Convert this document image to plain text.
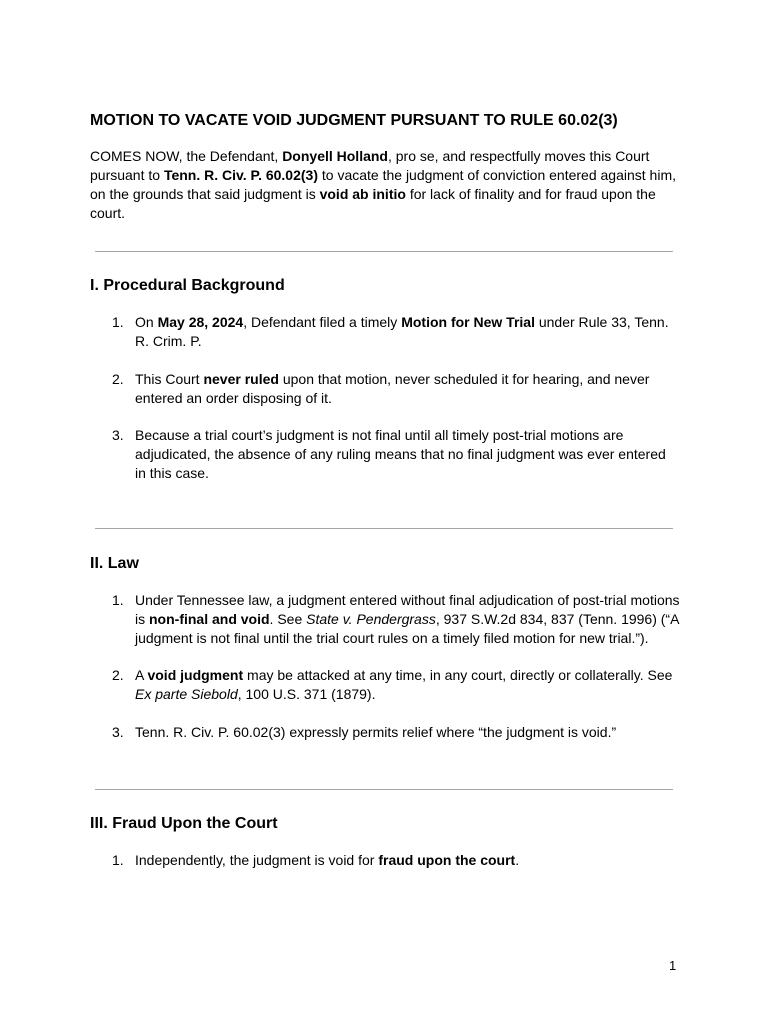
MOTION TO VACATE VOID JUDGMENT PURSUANT TO RULE 60.02(3)

COMES NOW, the Defendant, Donyell Holland, pro se, and respectfully moves this Court pursuant to Tenn. R. Civ. P. 60.02(3) to vacate the judgment of conviction entered against him, on the grounds that said judgment is void ab initio for lack of finality and for fraud upon the court.

I. Procedural Background
1. On May 28, 2024, Defendant filed a timely Motion for New Trial under Rule 33, Tenn. R. Crim. P.
2. This Court never ruled upon that motion, never scheduled it for hearing, and never entered an order disposing of it.
3. Because a trial court’s judgment is not final until all timely post-trial motions are adjudicated, the absence of any ruling means that no final judgment was ever entered in this case.
II. Law
1. Under Tennessee law, a judgment entered without final adjudication of post-trial motions is non-final and void. See State v. Pendergrass, 937 S.W.2d 834, 837 (Tenn. 1996) (“A judgment is not final until the trial court rules on a timely filed motion for new trial.”).
2. A void judgment may be attacked at any time, in any court, directly or collaterally. See Ex parte Siebold, 100 U.S. 371 (1879).
3. Tenn. R. Civ. P. 60.02(3) expressly permits relief where “the judgment is void.”
III. Fraud Upon the Court
1. Independently, the judgment is void for fraud upon the court.
1
